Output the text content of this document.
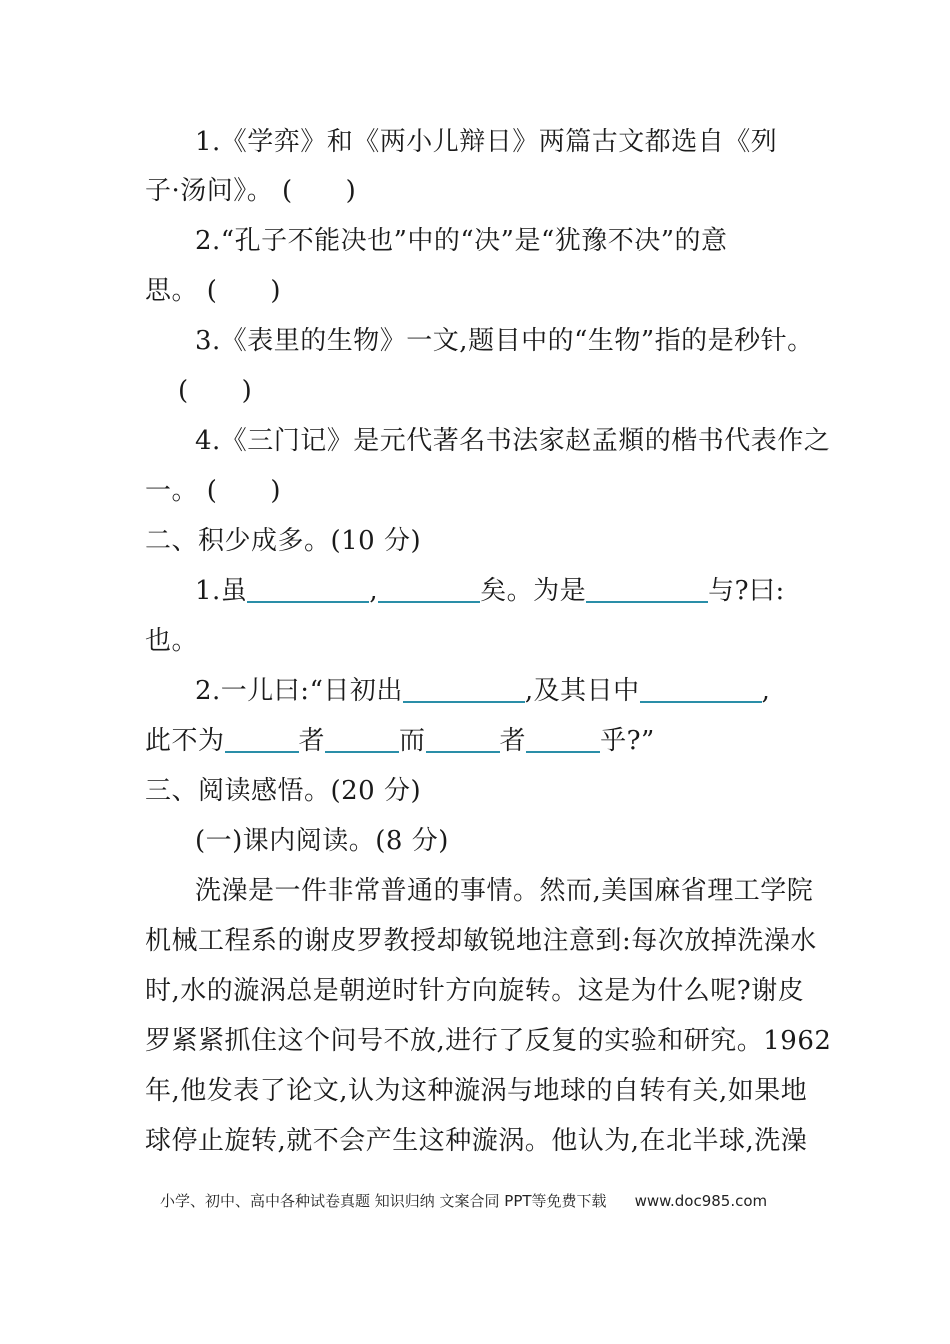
1.《学弈》和《两小儿辩日》两篇古文都选自《列
子·汤问》。 (　　)
2.“孔子不能决也”中的“决”是“犹豫不决”的意
思。 (　　)
3.《表里的生物》一文,题目中的“生物”指的是秒针。
(　　)
4.《三门记》是元代著名书法家赵孟頫的楷书代表作之
一。 (　　)
二、积少成多。(10 分)
1.虽	,	矣。为是	与?曰:
也。
2.一儿曰:“日初出	,及其日中	,
此不为	者	而	者	乎?”
三、阅读感悟。(20 分)
(一)课内阅读。(8 分)
洗澡是一件非常普通的事情。然而,美国麻省理工学院
机械工程系的谢皮罗教授却敏锐地注意到:每次放掉洗澡水
时,水的漩涡总是朝逆时针方向旋转。这是为什么呢?谢皮
罗紧紧抓住这个问号不放,进行了反复的实验和研究。1962
年,他发表了论文,认为这种漩涡与地球的自转有关,如果地
球停止旋转,就不会产生这种漩涡。他认为,在北半球,洗澡
小学、初中、高中各种试卷真题 知识归纳 文案合同 PPT等免费下载 www.doc985.com
